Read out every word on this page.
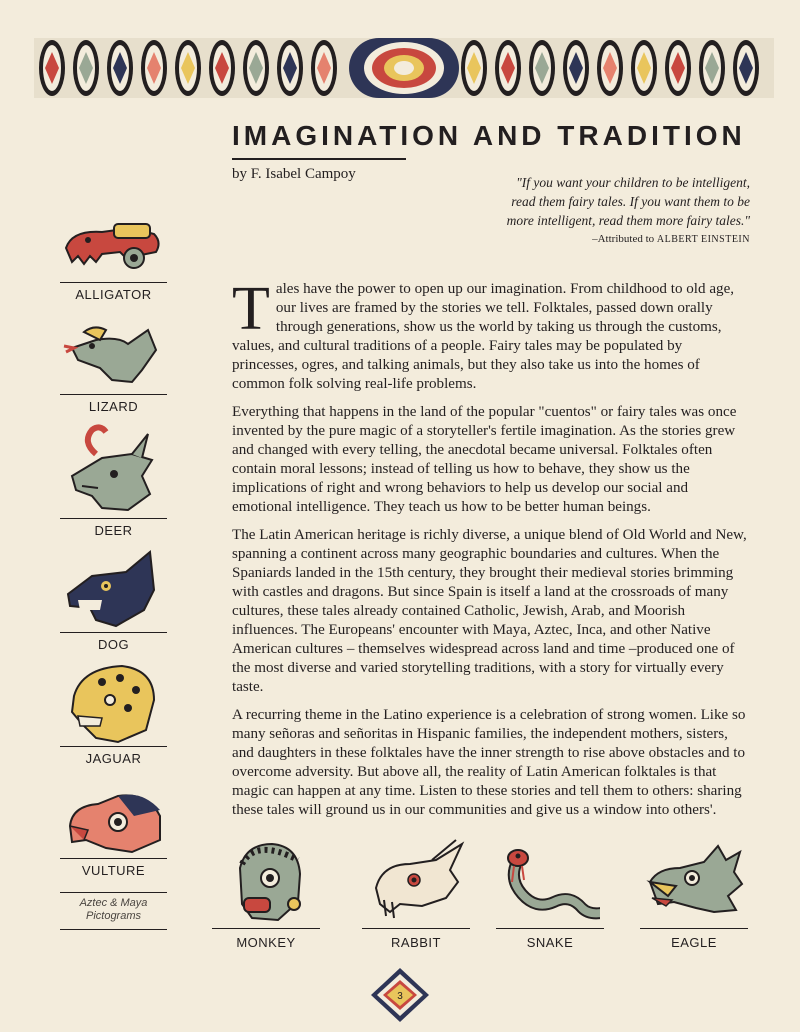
IMAGINATION AND TRADITION
by F. Isabel Campoy
"If you want your children to be intelligent,
read them fairy tales. If you want them to be
more intelligent, read them more fairy tales."
–Attributed to ALBERT EINSTEIN

Tales have the power to open up our imagination. From childhood to old age, our lives are framed by the stories we tell. Folktales, passed down orally through generations, show us the world by taking us through the customs, values, and cultural traditions of a people. Fairy tales may be populated by princesses, ogres, and talking animals, but they also take us into the homes of common folk solving real-life problems.

Everything that happens in the land of the popular "cuentos" or fairy tales was once invented by the pure magic of a storyteller's fertile imagination. As the stories grew and changed with every telling, the anecdotal became universal. Folktales often contain moral lessons; instead of telling us how to behave, they show us the implications of right and wrong behaviors to help us develop our social and emotional intelligence. They teach us how to be better human beings.

The Latin American heritage is richly diverse, a unique blend of Old World and New, spanning a continent across many geographic boundaries and cultures. When the Spaniards landed in the 15th century, they brought their medieval stories brimming with castles and dragons. But since Spain is itself a land at the crossroads of many cultures, these tales already contained Catholic, Jewish, Arab, and Moorish influences. The Europeans' encounter with Maya, Aztec, Inca, and other Native American cultures – themselves widespread across land and time –produced one of the most diverse and varied storytelling traditions, with a story for virtually every taste.

A recurring theme in the Latino experience is a celebration of strong women. Like so many señoras and señoritas in Hispanic families, the independent mothers, sisters, and daughters in these folktales have the inner strength to rise above obstacles and to overcome adversity. But above all, the reality of Latin American folktales is that magic can happen at any time. Listen to these stories and tell them to others: sharing these tales will ground us in our communities and give us a window into others'.

ALLIGATOR
LIZARD
DEER
DOG
JAGUAR
VULTURE
Aztec & Maya
Pictograms
MONKEY	RABBIT	SNAKE	EAGLE
3
